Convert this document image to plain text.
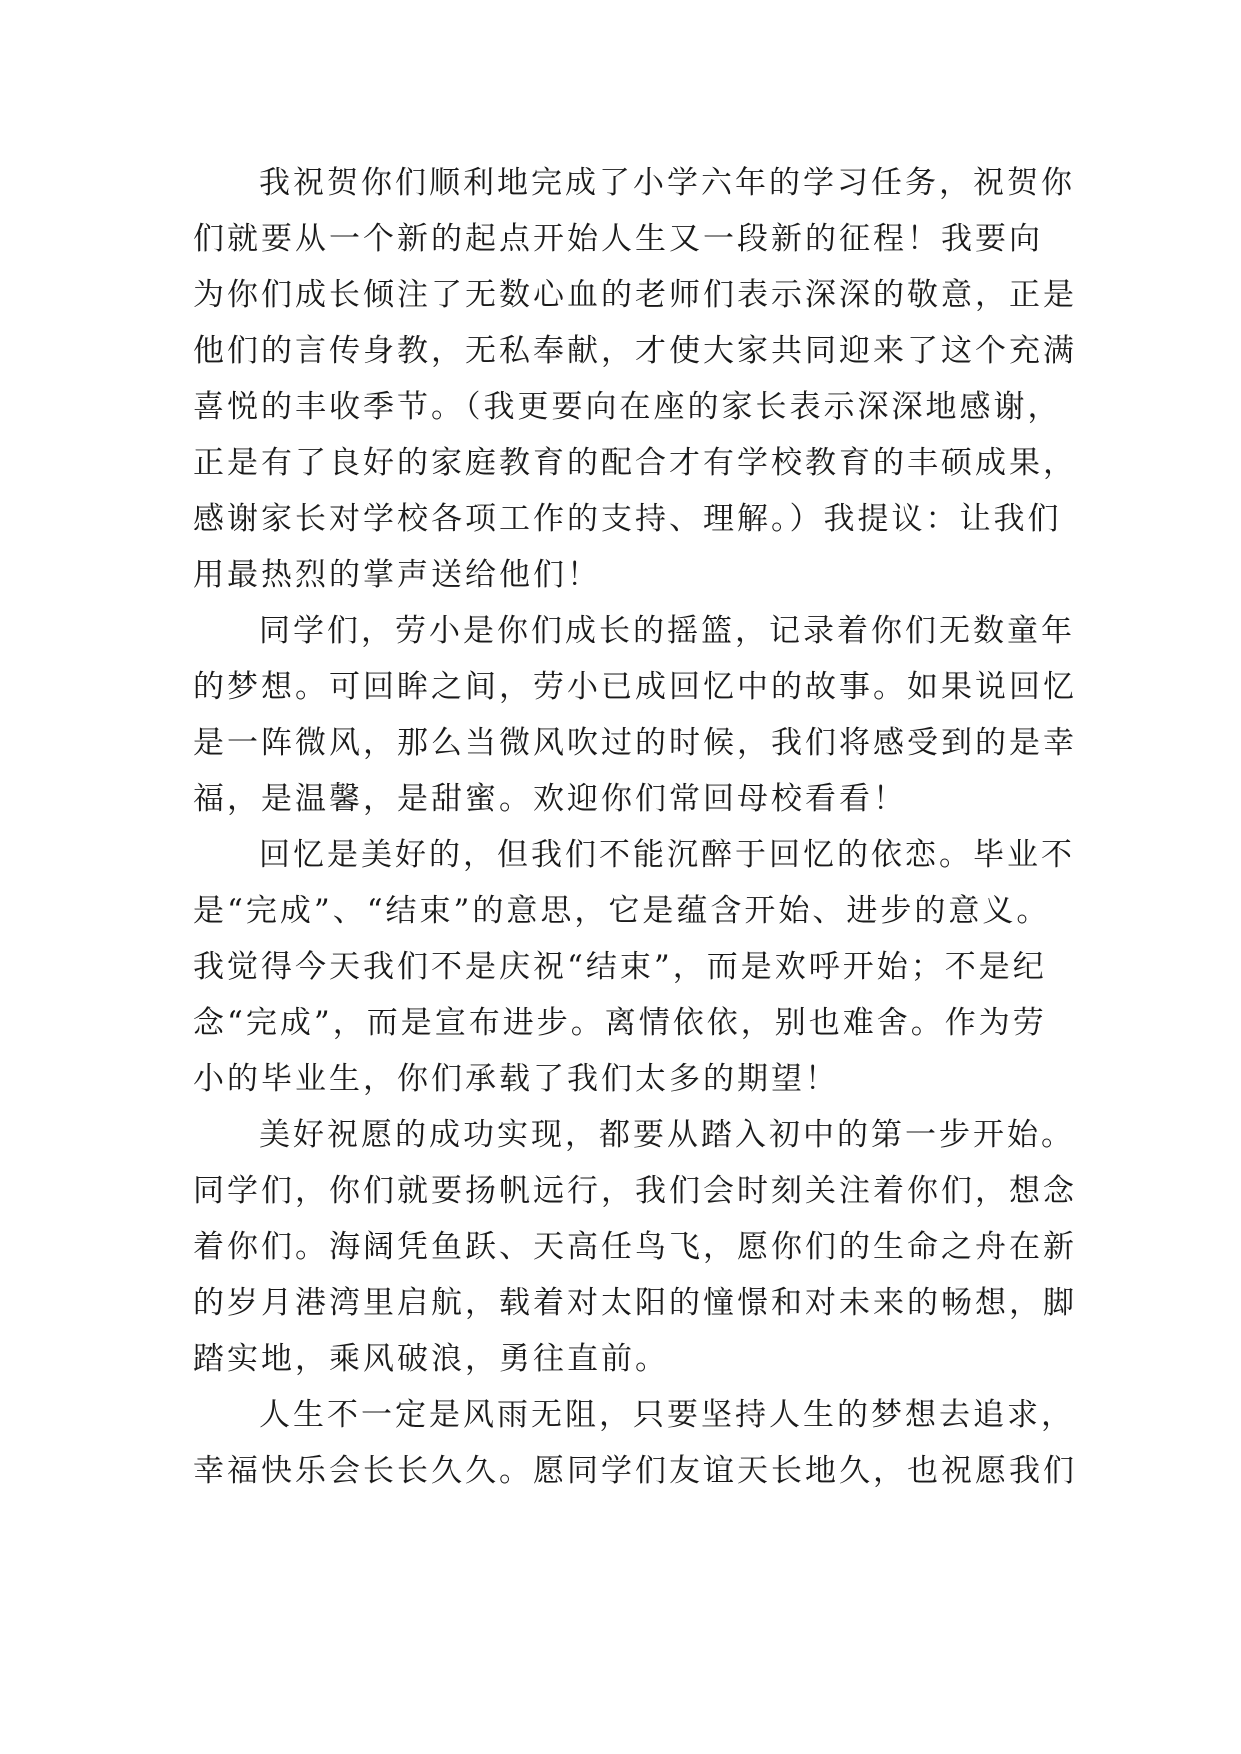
我祝贺你们顺利地完成了小学六年的学习任务，祝贺你
们就要从一个新的起点开始人生又一段新的征程！我要向
为你们成长倾注了无数心血的老师们表示深深的敬意，正是
他们的言传身教，无私奉献，才使大家共同迎来了这个充满
喜悦的丰收季节。（我更要向在座的家长表示深深地感谢，
正是有了良好的家庭教育的配合才有学校教育的丰硕成果，
感谢家长对学校各项工作的支持、理解。）我提议：让我们
用最热烈的掌声送给他们！
同学们，劳小是你们成长的摇篮，记录着你们无数童年
的梦想。可回眸之间，劳小已成回忆中的故事。如果说回忆
是一阵微风，那么当微风吹过的时候，我们将感受到的是幸
福，是温馨，是甜蜜。欢迎你们常回母校看看！
回忆是美好的，但我们不能沉醉于回忆的依恋。毕业不
是“完成”、“结束”的意思，它是蕴含开始、进步的意义。
我觉得今天我们不是庆祝“结束”，而是欢呼开始；不是纪
念“完成”，而是宣布进步。离情依依，别也难舍。作为劳
小的毕业生，你们承载了我们太多的期望！
美好祝愿的成功实现，都要从踏入初中的第一步开始。
同学们，你们就要扬帆远行，我们会时刻关注着你们，想念
着你们。海阔凭鱼跃、天高任鸟飞，愿你们的生命之舟在新
的岁月港湾里启航，载着对太阳的憧憬和对未来的畅想，脚
踏实地，乘风破浪，勇往直前。
人生不一定是风雨无阻，只要坚持人生的梦想去追求，
幸福快乐会长长久久。愿同学们友谊天长地久，也祝愿我们
